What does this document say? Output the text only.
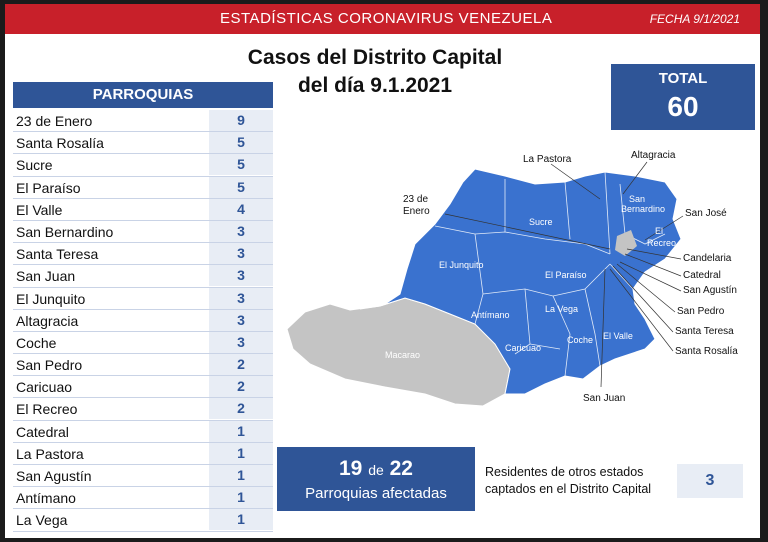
ESTADÍSTICAS CORONAVIRUS VENEZUELA	FECHA 9/1/2021
Casos del Distrito Capital
del día 9.1.2021
PARROQUIAS
23 de Enero	9
Santa Rosalía	5
Sucre	5
El Paraíso	5
El Valle	4
San Bernardino	3
Santa Teresa	3
San Juan	3
El Junquito	3
Altagracia	3
Coche	3
San Pedro	2
Caricuao	2
El Recreo	2
Catedral	1
La Pastora	1
San Agustín	1
Antímano	1
La Vega	1
TOTAL
60
Sucre
El Junquito
El Paraíso
Antímano
La Vega
Caricuao
Coche El Valle
Macarao
San
Bernardino
El
Recreo
La Pastora	Altagracia
23 de
Enero	San José
Candelaria
Catedral
San Agustín
San Pedro
Santa Teresa
Santa Rosalía
San Juan
19 de 22
Parroquias afectadas
Residentes de otros estados
captados en el Distrito Capital	3
